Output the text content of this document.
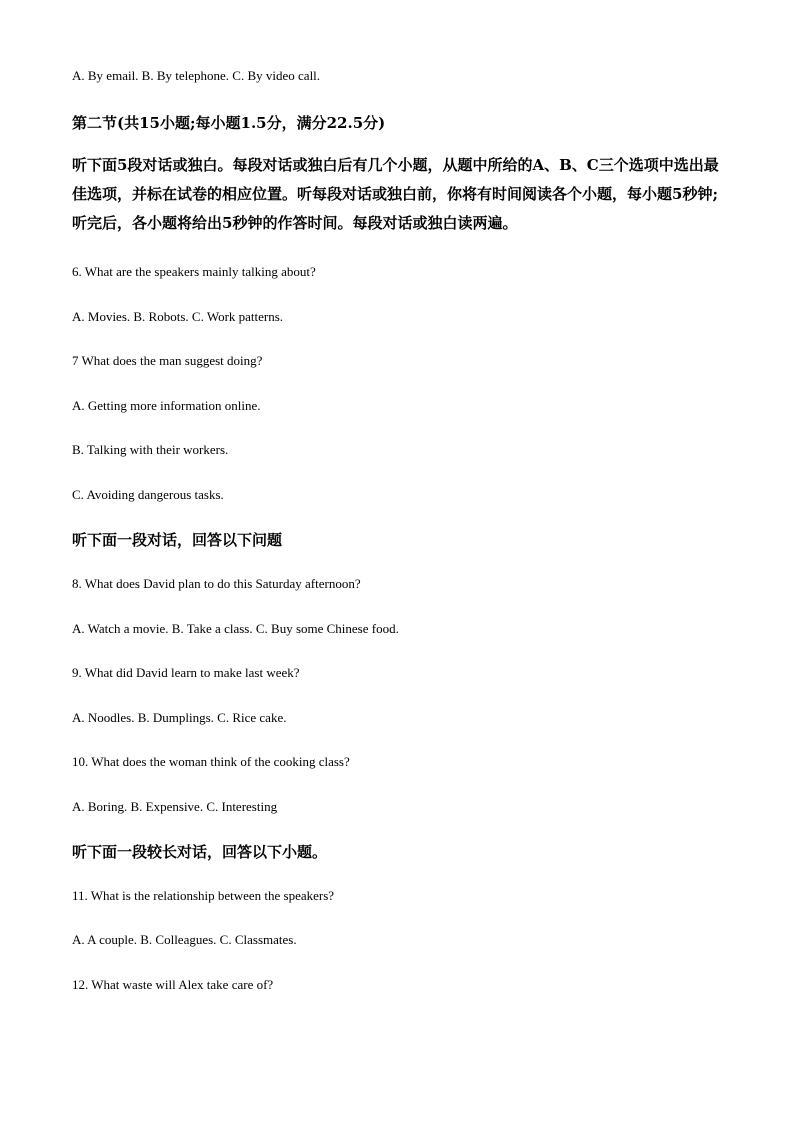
A. By email. B. By telephone. C. By video call.
第二节(共15小题;每小题1.5分，满分22.5分)
听下面5段对话或独白。每段对话或独白后有几个小题，从题中所给的A、B、C三个选项中选出最佳选项，并标在试卷的相应位置。听每段对话或独白前，你将有时间阅读各个小题，每小题5秒钟;听完后，各小题将给出5秒钟的作答时间。每段对话或独白读两遍。
6. What are the speakers mainly talking about?
A. Movies. B. Robots. C. Work patterns.
7 What does the man suggest doing?
A. Getting more information online.
B. Talking with their workers.
C. Avoiding dangerous tasks.
听下面一段对话，回答以下问题
8. What does David plan to do this Saturday afternoon?
A. Watch a movie. B. Take a class. C. Buy some Chinese food.
9. What did David learn to make last week?
A. Noodles. B. Dumplings. C. Rice cake.
10. What does the woman think of the cooking class?
A. Boring. B. Expensive. C. Interesting
听下面一段较长对话，回答以下小题。
11. What is the relationship between the speakers?
A. A couple. B. Colleagues. C. Classmates.
12. What waste will Alex take care of?
